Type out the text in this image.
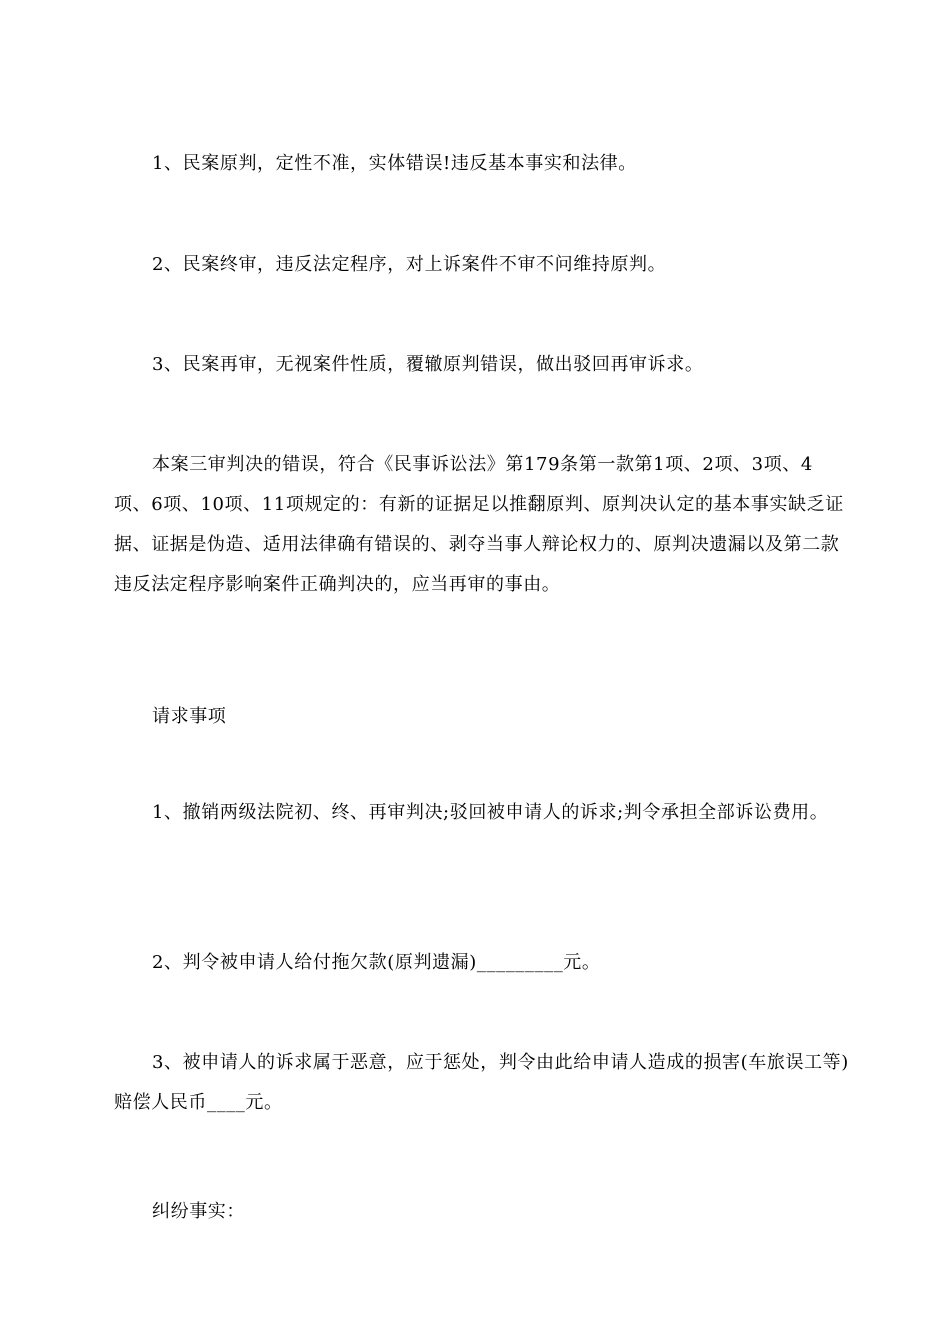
1、民案原判，定性不准，实体错误!违反基本事实和法律。
2、民案终审，违反法定程序，对上诉案件不审不问维持原判。
3、民案再审，无视案件性质，覆辙原判错误，做出驳回再审诉求。
本案三审判决的错误，符合《民事诉讼法》第179条第一款第1项、2项、3项、4项、6项、10项、11项规定的：有新的证据足以推翻原判、原判决认定的基本事实缺乏证据、证据是伪造、适用法律确有错误的、剥夺当事人辩论权力的、原判决遗漏以及第二款违反法定程序影响案件正确判决的，应当再审的事由。
请求事项
1、撤销两级法院初、终、再审判决;驳回被申请人的诉求;判令承担全部诉讼费用。
2、判令被申请人给付拖欠款(原判遗漏)_________元。
3、被申请人的诉求属于恶意，应于惩处，判令由此给申请人造成的损害(车旅误工等)赔偿人民币____元。
纠纷事实：
